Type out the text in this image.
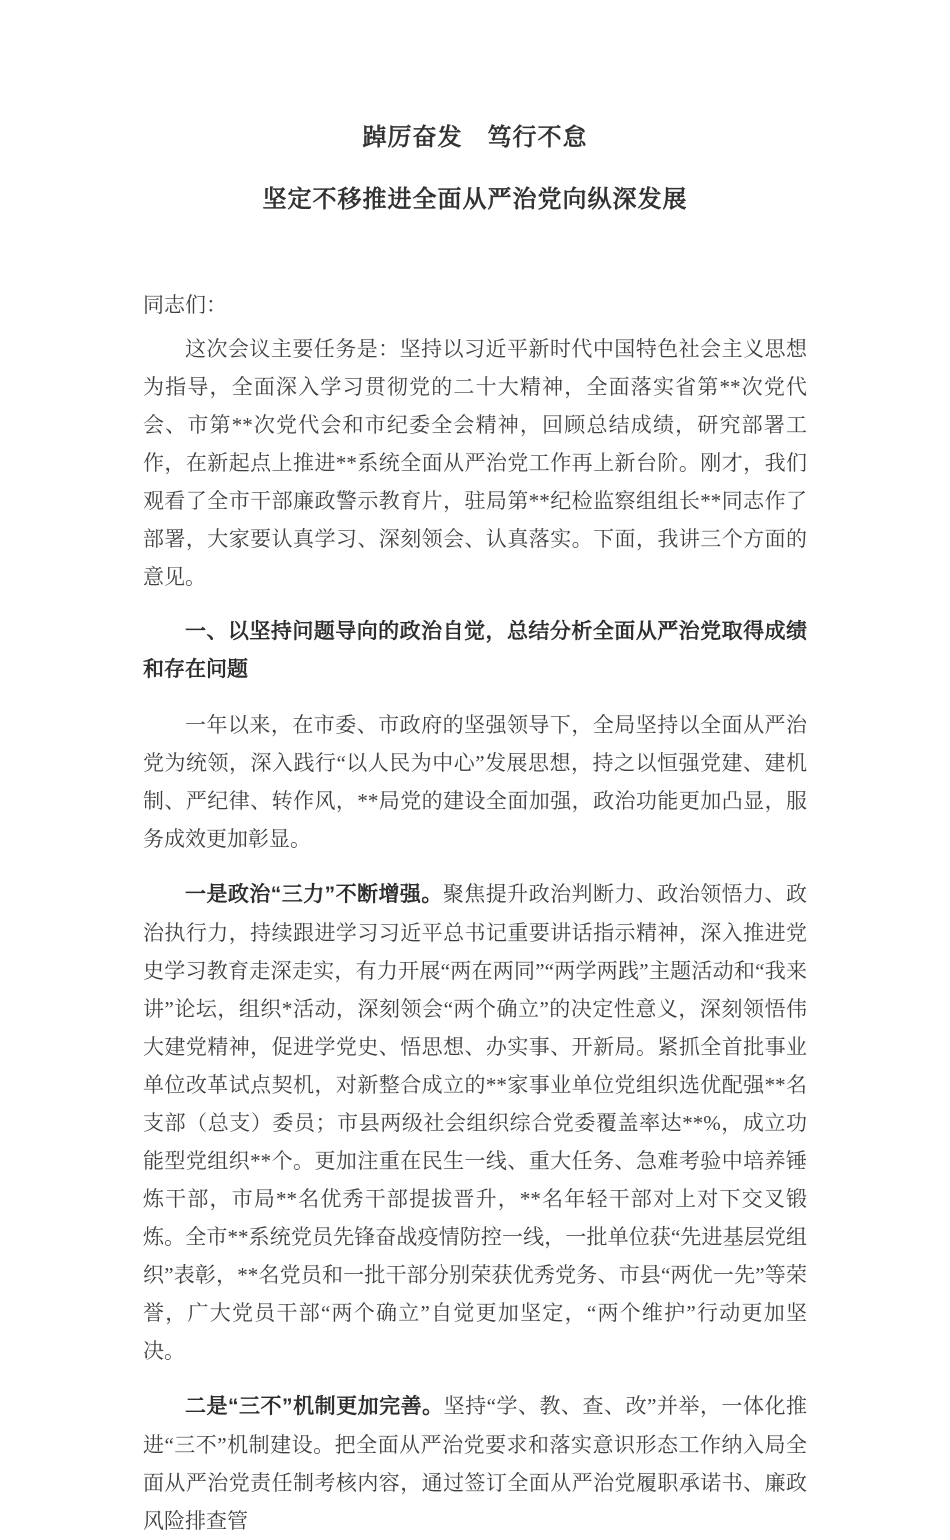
踔厉奋发　笃行不怠
坚定不移推进全面从严治党向纵深发展

同志们：

这次会议主要任务是：坚持以习近平新时代中国特色社会主义思想为指导，全面深入学习贯彻党的二十大精神，全面落实省第**次党代会、市第**次党代会和市纪委全会精神，回顾总结成绩，研究部署工作，在新起点上推进**系统全面从严治党工作再上新台阶。刚才，我们观看了全市干部廉政警示教育片，驻局第**纪检监察组组长**同志作了部署，大家要认真学习、深刻领会、认真落实。下面，我讲三个方面的意见。

一、以坚持问题导向的政治自觉，总结分析全面从严治党取得成绩和存在问题

一年以来，在市委、市政府的坚强领导下，全局坚持以全面从严治党为统领，深入践行“以人民为中心”发展思想，持之以恒强党建、建机制、严纪律、转作风，**局党的建设全面加强，政治功能更加凸显，服务成效更加彰显。

一是政治“三力”不断增强。聚焦提升政治判断力、政治领悟力、政治执行力，持续跟进学习习近平总书记重要讲话指示精神，深入推进党史学习教育走深走实，有力开展“两在两同”“两学两践”主题活动和“我来讲”论坛，组织*活动，深刻领会“两个确立”的决定性意义，深刻领悟伟大建党精神，促进学党史、悟思想、办实事、开新局。紧抓全首批事业单位改革试点契机，对新整合成立的**家事业单位党组织选优配强**名支部（总支）委员；市县两级社会组织综合党委覆盖率达**%，成立功能型党组织**个。更加注重在民生一线、重大任务、急难考验中培养锤炼干部，市局**名优秀干部提拔晋升，**名年轻干部对上对下交叉锻炼。全市**系统党员先锋奋战疫情防控一线，一批单位获“先进基层党组织”表彰，**名党员和一批干部分别荣获优秀党务、市县“两优一先”等荣誉，广大党员干部“两个确立”自觉更加坚定，“两个维护”行动更加坚决。

二是“三不”机制更加完善。坚持“学、教、查、改”并举，一体化推进“三不”机制建设。把全面从严治党要求和落实意识形态工作纳入局全面从严治党责任制考核内容，通过签订全面从严治党履职承诺书、廉政风险排查管
